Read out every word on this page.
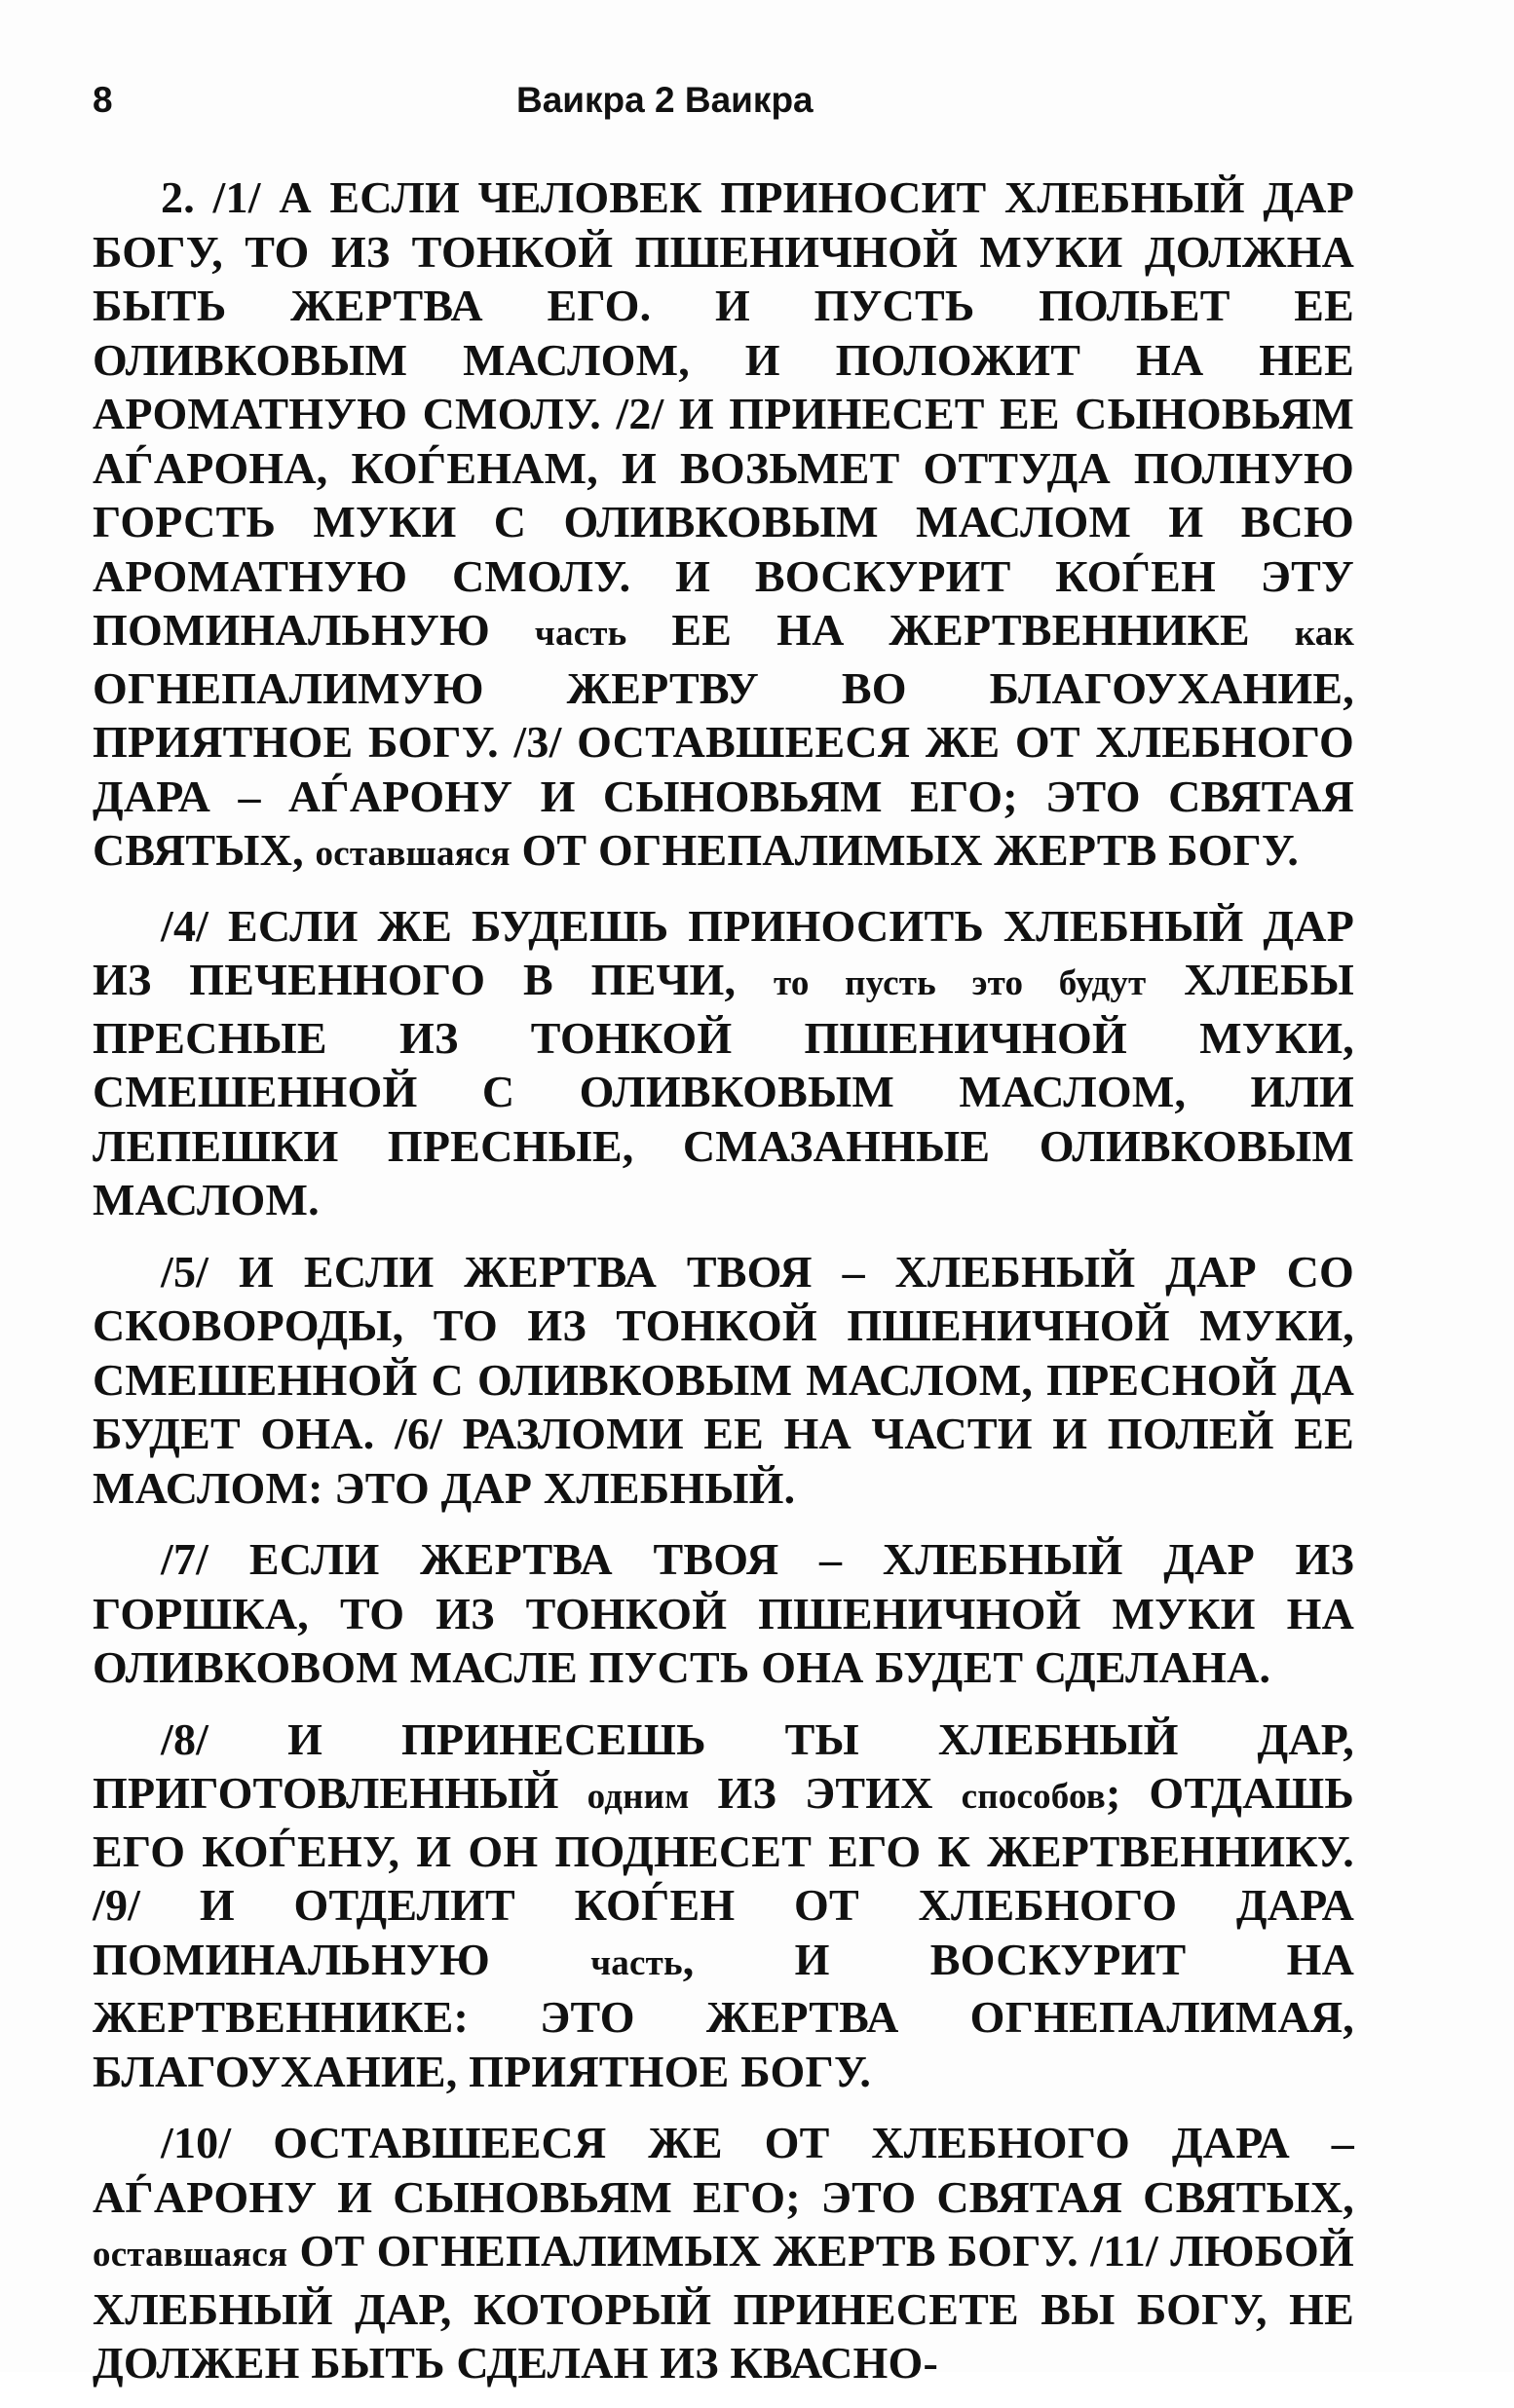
8	Ваикра 2 Ваикра

2. /1/ А ЕСЛИ ЧЕЛОВЕК ПРИНОСИТ ХЛЕБНЫЙ ДАР БОГУ, ТО ИЗ ТОНКОЙ ПШЕНИЧНОЙ МУКИ ДОЛЖНА БЫТЬ ЖЕРТВА ЕГО. И ПУСТЬ ПОЛЬЕТ ЕЕ ОЛИВКОВЫМ МАСЛОМ, И ПОЛОЖИТ НА НЕЕ АРОМАТНУЮ СМОЛУ. /2/ И ПРИНЕСЕТ ЕЕ СЫНОВЬЯМ АЃАРОНА, КОЃЕНАМ, И ВОЗЬМЕТ ОТТУДА ПОЛНУЮ ГОРСТЬ МУКИ С ОЛИВКОВЫМ МАСЛОМ И ВСЮ АРОМАТНУЮ СМОЛУ. И ВОСКУРИТ КОЃЕН ЭТУ ПОМИНАЛЬНУЮ часть ЕЕ НА ЖЕРТВЕННИКЕ как ОГНЕПАЛИМУЮ ЖЕРТВУ ВО БЛАГОУХАНИЕ, ПРИЯТНОЕ БОГУ. /3/ ОСТАВШЕЕСЯ ЖЕ ОТ ХЛЕБНОГО ДАРА – АЃАРОНУ И СЫНОВЬЯМ ЕГО; ЭТО СВЯТАЯ СВЯТЫХ, оставшаяся ОТ ОГНЕПАЛИМЫХ ЖЕРТВ БОГУ.

/4/ ЕСЛИ ЖЕ БУДЕШЬ ПРИНОСИТЬ ХЛЕБНЫЙ ДАР ИЗ ПЕЧЕННОГО В ПЕЧИ, то пусть это будут ХЛЕБЫ ПРЕСНЫЕ ИЗ ТОНКОЙ ПШЕНИЧНОЙ МУКИ, СМЕШЕННОЙ С ОЛИВКОВЫМ МАСЛОМ, ИЛИ ЛЕПЕШКИ ПРЕСНЫЕ, СМАЗАННЫЕ ОЛИВКОВЫМ МАСЛОМ.

/5/ И ЕСЛИ ЖЕРТВА ТВОЯ – ХЛЕБНЫЙ ДАР СО СКОВОРОДЫ, ТО ИЗ ТОНКОЙ ПШЕНИЧНОЙ МУКИ, СМЕШЕННОЙ С ОЛИВКОВЫМ МАСЛОМ, ПРЕСНОЙ ДА БУДЕТ ОНА. /6/ РАЗЛОМИ ЕЕ НА ЧАСТИ И ПОЛЕЙ ЕЕ МАСЛОМ: ЭТО ДАР ХЛЕБНЫЙ.

/7/ ЕСЛИ ЖЕРТВА ТВОЯ – ХЛЕБНЫЙ ДАР ИЗ ГОРШКА, ТО ИЗ ТОНКОЙ ПШЕНИЧНОЙ МУКИ НА ОЛИВКОВОМ МАСЛЕ ПУСТЬ ОНА БУДЕТ СДЕЛАНА.

/8/ И ПРИНЕСЕШЬ ТЫ ХЛЕБНЫЙ ДАР, ПРИГОТОВЛЕННЫЙ одним ИЗ ЭТИХ способов; ОТДАШЬ ЕГО КОЃЕНУ, И ОН ПОДНЕСЕТ ЕГО К ЖЕРТВЕННИКУ. /9/ И ОТДЕЛИТ КОЃЕН ОТ ХЛЕБНОГО ДАРА ПОМИНАЛЬНУЮ часть, И ВОСКУРИТ НА ЖЕРТВЕННИКЕ: ЭТО ЖЕРТВА ОГНЕПАЛИМАЯ, БЛАГОУХАНИЕ, ПРИЯТНОЕ БОГУ.

/10/ ОСТАВШЕЕСЯ ЖЕ ОТ ХЛЕБНОГО ДАРА – АЃАРОНУ И СЫНОВЬЯМ ЕГО; ЭТО СВЯТАЯ СВЯТЫХ, оставшаяся ОТ ОГНЕПАЛИМЫХ ЖЕРТВ БОГУ. /11/ ЛЮБОЙ ХЛЕБНЫЙ ДАР, КОТОРЫЙ ПРИНЕСЕТЕ ВЫ БОГУ, НЕ ДОЛЖЕН БЫТЬ СДЕЛАН ИЗ КВАСНО-
